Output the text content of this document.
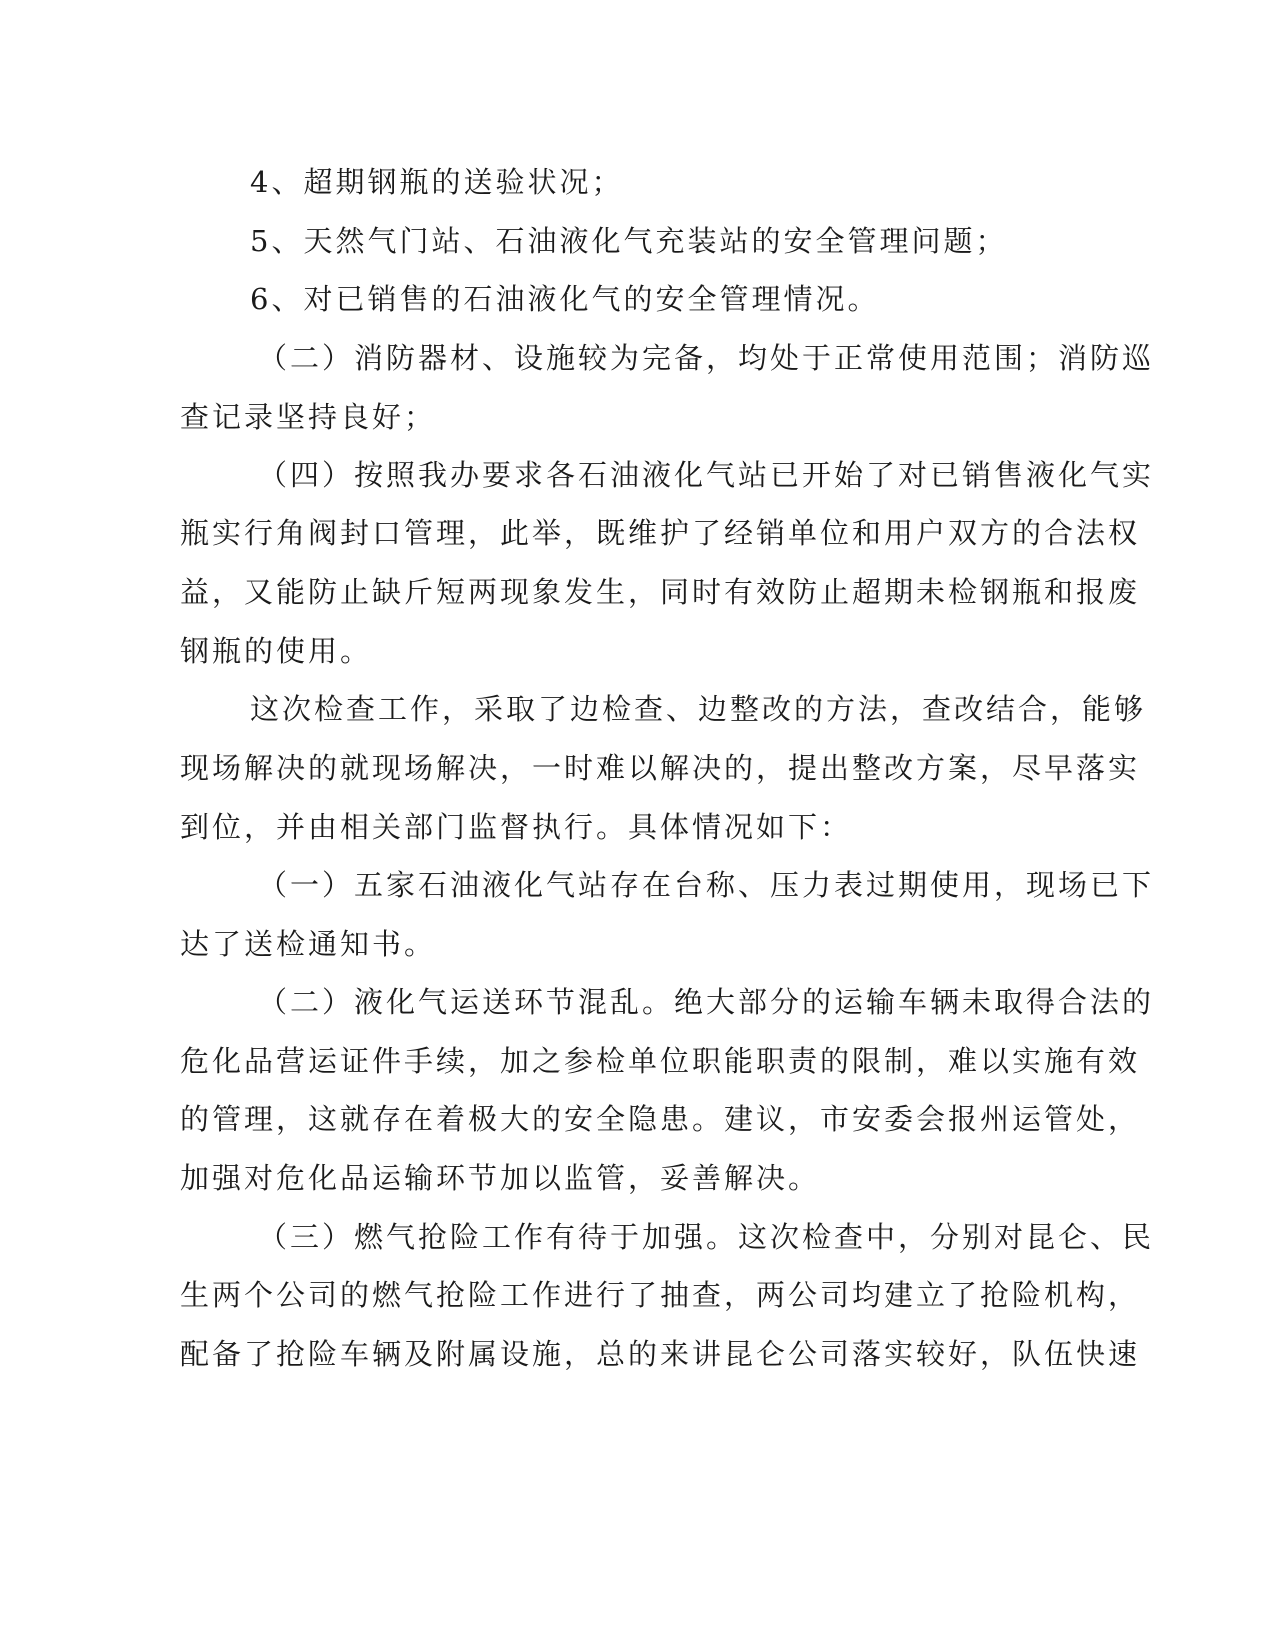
4、超期钢瓶的送验状况；
5、天然气门站、石油液化气充装站的安全管理问题；
6、对已销售的石油液化气的安全管理情况。
（二）消防器材、设施较为完备，均处于正常使用范围；消防巡
查记录坚持良好；
（四）按照我办要求各石油液化气站已开始了对已销售液化气实
瓶实行角阀封口管理，此举，既维护了经销单位和用户双方的合法权
益，又能防止缺斤短两现象发生，同时有效防止超期未检钢瓶和报废
钢瓶的使用。
这次检查工作，采取了边检查、边整改的方法，查改结合，能够
现场解决的就现场解决，一时难以解决的，提出整改方案，尽早落实
到位，并由相关部门监督执行。具体情况如下：
（一）五家石油液化气站存在台称、压力表过期使用，现场已下
达了送检通知书。
（二）液化气运送环节混乱。绝大部分的运输车辆未取得合法的
危化品营运证件手续，加之参检单位职能职责的限制，难以实施有效
的管理，这就存在着极大的安全隐患。建议，市安委会报州运管处，
加强对危化品运输环节加以监管，妥善解决。
（三）燃气抢险工作有待于加强。这次检查中，分别对昆仑、民
生两个公司的燃气抢险工作进行了抽查，两公司均建立了抢险机构，
配备了抢险车辆及附属设施，总的来讲昆仑公司落实较好，队伍快速
